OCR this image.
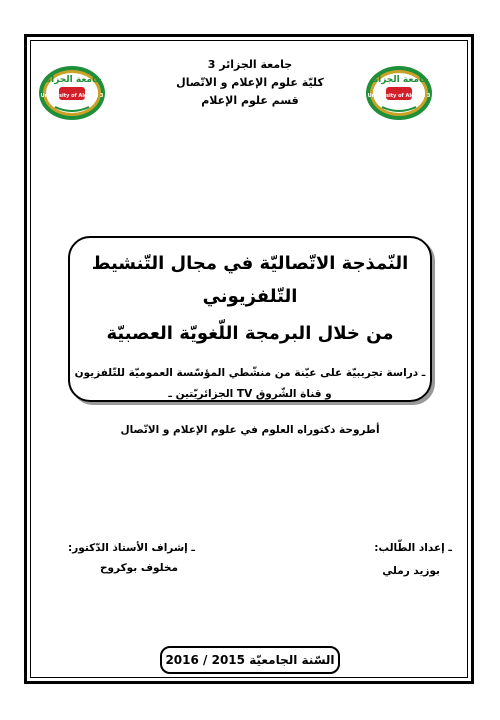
جامعة الجزائر
University of Algiers 3
جامعة الجزائر
University of Algiers 3
جامعة الجزائر 3
كليّة علوم الإعلام و الاتّصال
قسم علوم الإعلام
النّمذجة الاتّصاليّة في مجال التّنشيط
التّلفزيوني
من خلال البرمجة اللّغويّة العصبيّة
ـ دراسة تجريبيّة على عيّنة من منشّطي المؤسّسة العموميّة للتّلفزيون
و قناة الشّروق TV الجزائريّتين ـ
أطروحة دكتوراه العلوم في علوم الإعلام و الاتّصال
ـ إعداد الطّالب:
بوزيد رملي
ـ إشراف الأستاذ الدّكتور:
مخلوف بوكروح
السّنة الجامعيّة 2015 / 2016
